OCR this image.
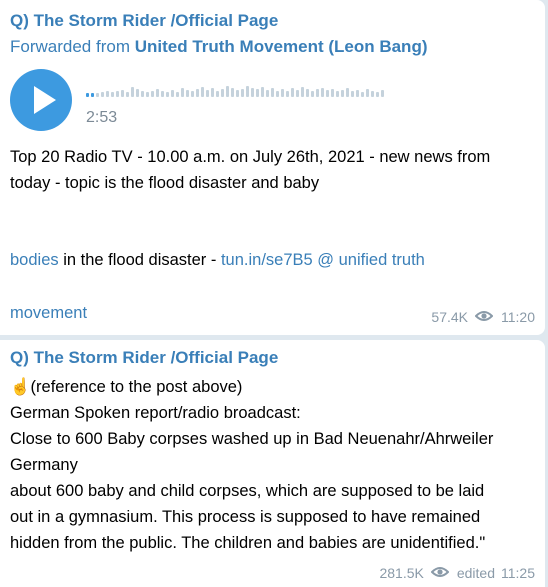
Q) The Storm Rider /Official Page
Forwarded from United Truth Movement (Leon Bang)
2:53
Top 20 Radio TV - 10.00 a.m. on July 26th, 2021 - new news from
today - topic is the flood disaster and baby
bodies in the flood disaster - tun.in/se7B5 @ unified truth
movement	57.4K 11:20
Q) The Storm Rider /Official Page
☝️(reference to the post above)
German Spoken report/radio broadcast:
Close to 600 Baby corpses washed up in Bad Neuenahr/Ahrweiler
Germany
about 600 baby and child corpses, which are supposed to be laid
out in a gymnasium. This process is supposed to have remained
hidden from the public. The children and babies are unidentified."
281.5K edited 11:25
